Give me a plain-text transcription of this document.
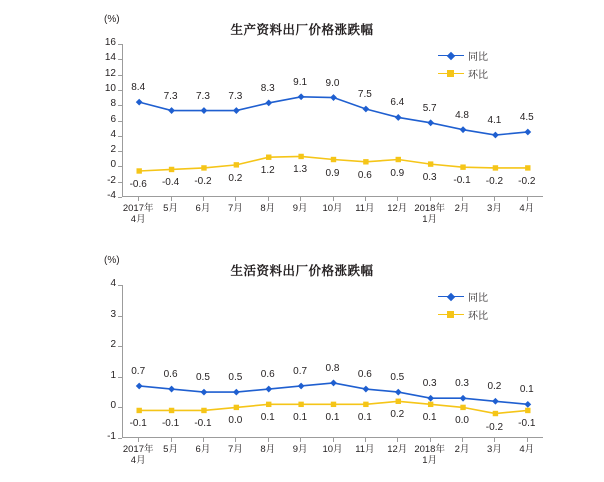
(%)
生产资料出厂价格涨跌幅
同比
环比
16
14
12
10
8
6
4
2
0
-2
-4
2017年
4月
5月	6月	7月	8月	9月	10月	11月	12月 2018年
1月
2月	3月	4月
8.4
7.3	7.3	7.3
8.3
9.1	9.0
7.5
6.4	5.7
4.8	4.1	4.5
-0.6	-0.4	-0.2	0.2
1.2	1.3	0.9	0.6	0.9	0.3	-0.1	-0.2	-0.2
(%)
生活资料出厂价格涨跌幅
同比
环比
4
3
2
1
0
-1
2017年
4月
5月	6月	7月	8月	9月	10月	11月	12月 2018年
1月
2月	3月	4月
0.7	0.6	0.5	0.5	0.6	0.7	0.8
0.6	0.5
0.3	0.3	0.2	0.1
-0.1	-0.1	-0.1	0.0	0.1	0.1	0.1	0.1	0.2	0.1	0.0
-0.2	-0.1
